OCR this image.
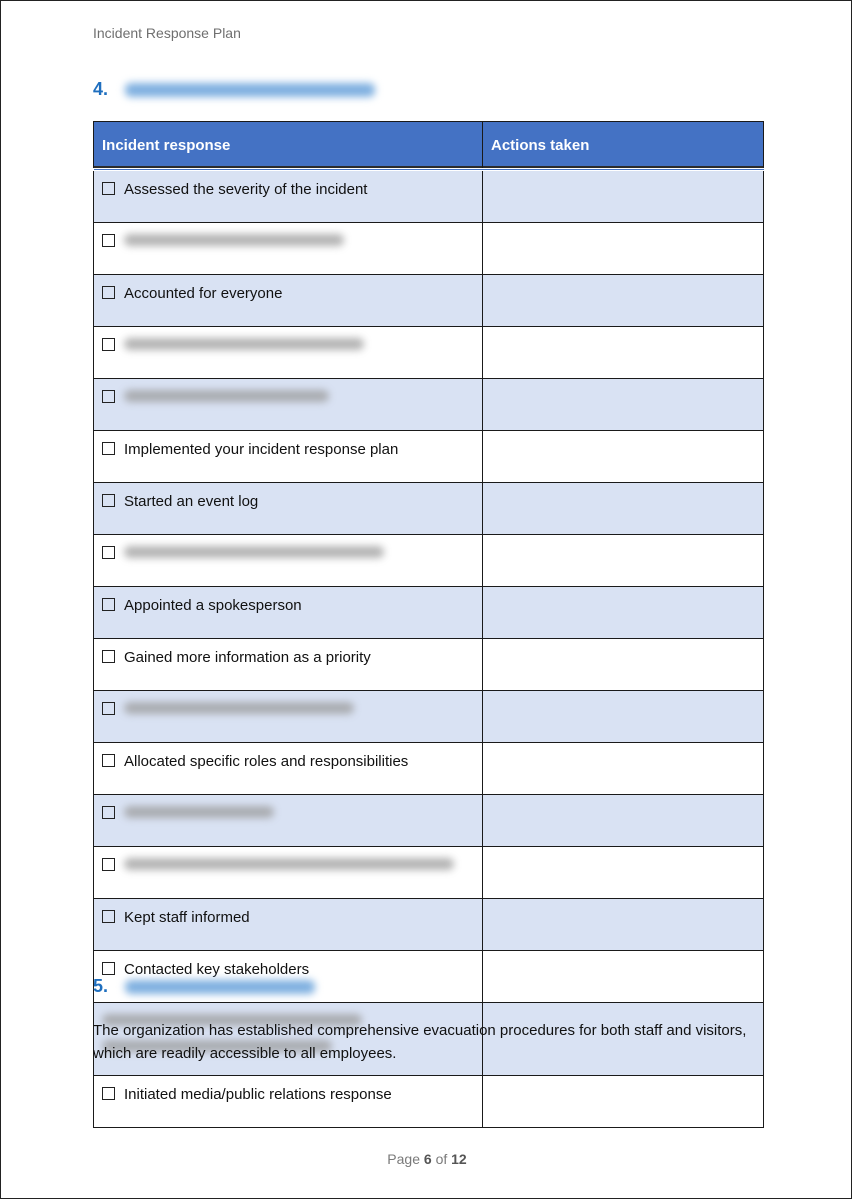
Incident Response Plan
4.
Incident response	Actions taken
Assessed the severity of the incident	

Accounted for everyone	

Implemented your incident response plan	
Started an event log	

Appointed a spokesperson	
Gained more information as a priority	

Allocated specific roles and responsibilities	

Kept staff informed	
Contacted key stakeholders	

Initiated media/public relations response	
5.
The organization has established comprehensive evacuation procedures for both staff and visitors, which are readily accessible to all employees.
Page 6 of 12
